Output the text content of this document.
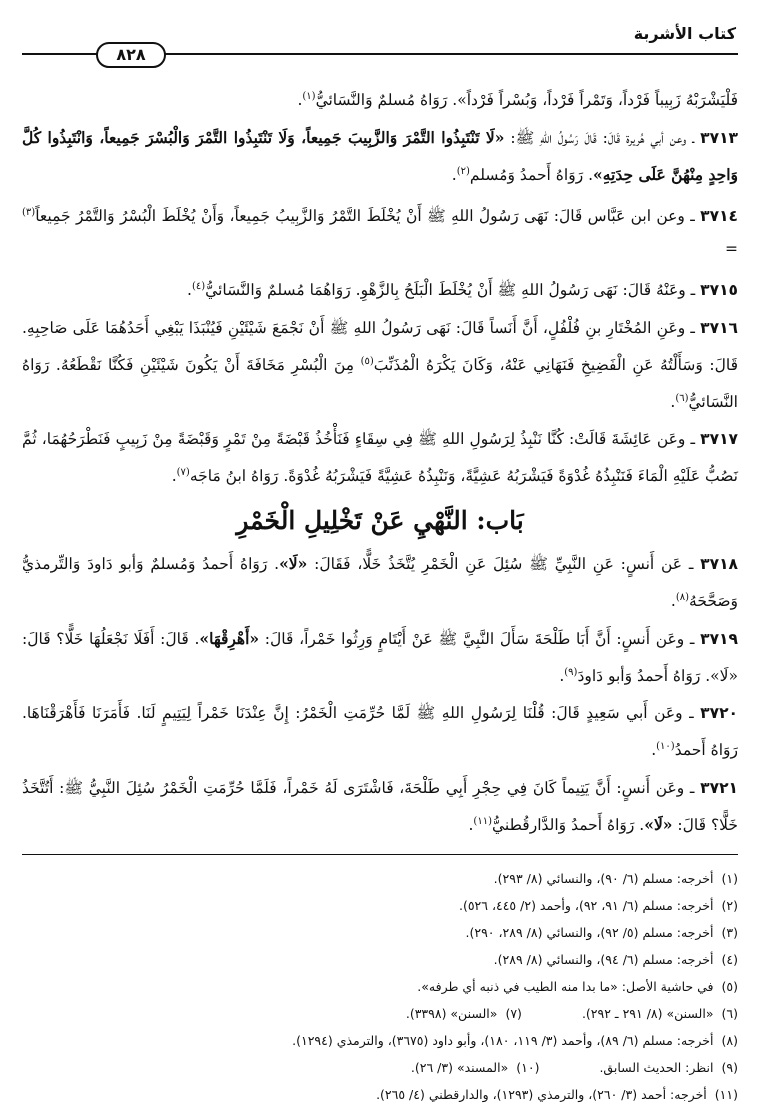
كتاب الأشربة
٨٢٨

فَلْيَشْرَبْهُ زَبِيباً فَرْداً، وَتَمْراً فَرْداً، وَبُسْراً فَرْداً». رَوَاهُ مُسلمٌ وَالنَّسَائيُّ$^{(١)}$.

٣٧١٣ ـ وعن أبي هُريرة قَالَ: قَالَ رَسُولُ اللهِ ﷺ: «لَا تَنْتَبِذُوا التَّمْرَ وَالزَّبِيبَ جَمِيعاً، وَلَا تَنْتَبِذُوا التَّمْرَ وَالْبُسْرَ جَمِيعاً، وَانْتَبِذُوا كُلَّ وَاحِدٍ مِنْهُنَّ عَلَى حِدَتِهِ». رَوَاهُ أَحمدُ وَمُسلم$^{(٢)}$.

٣٧١٤ ـ وعن ابن عَبَّاس قَالَ: نَهَى رَسُولُ اللهِ ﷺ أَنْ يُخْلَطَ التَّمْرُ وَالزَّبِيبُ جَمِيعاً، وَأَنْ يُخْلَطَ الْبُسْرُ وَالتَّمْرُ جَمِيعاً$^{(٣)}$ =

٣٧١٥ ـ وعَنْهُ قَالَ: نَهَى رَسُولُ اللهِ ﷺ أَنْ يُخْلَطَ الْبَلَحُ بِالزَّهْوِ. رَوَاهُمَا مُسلمٌ وَالنَّسَائيُّ$^{(٤)}$.

٣٧١٦ ـ وعَنِ المُخْتَارِ بنِ فُلْفُلٍ، أَنَّ أَنَساً قَالَ: نَهَى رَسُولُ اللهِ ﷺ أَنْ نَجْمَعَ شَيْئَيْنِ فَيُنْبَذَا يَبْغِي أَحَدُهُمَا عَلَى صَاحِبِهِ. قَالَ: وَسَأَلْتُهُ عَنِ الْفَضِيخِ فَنَهَانِي عَنْهُ، وَكَانَ يَكْرَهُ الْمُذَنِّبَ$^{(٥)}$ مِنَ الْبُسْرِ مَخَافَةَ أَنْ يَكُونَ شَيْئَيْنِ فَكُنَّا نَقْطَعُهُ. رَوَاهُ النَّسَائيُّ$^{(٦)}$.

٣٧١٧ ـ وعَن عَائِشَةَ قَالَتْ: كُنَّا نَنْبِذُ لِرَسُولِ اللهِ ﷺ فِي سِقَاءٍ فَنَأْخُذُ قَبْضَةً مِنْ تَمْرٍ وَقَبْضَةً مِنْ زَبِيبٍ فَنَطْرَحُهُمَا، ثُمَّ نَصُبُّ عَلَيْهِ الْمَاءَ فَنَنْبِذُهُ غُدْوَةً فَيَشْرَبُهُ عَشِيَّةً، وَنَنْبِذُهُ عَشِيَّةً فَيَشْرَبُهُ غُدْوَةً. رَوَاهُ ابنُ مَاجَه$^{(٧)}$.

بَاب: النَّهْيِ عَنْ تَخْلِيلِ الْخَمْرِ

٣٧١٨ ـ عَن أَنسٍ: عَنِ النَّبِيِّ ﷺ سُئِلَ عَنِ الْخَمْرِ يُتَّخَذُ خَلًّا، فَقَالَ: «لَا». رَوَاهُ أَحمدُ وَمُسلمٌ وَأبو دَاودَ وَالتِّرمذيُّ وَصَحَّحَهُ$^{(٨)}$.

٣٧١٩ ـ وعَن أَنسٍ: أَنَّ أَبَا طَلْحَةَ سَأَلَ النَّبِيَّ ﷺ عَنْ أَيْتَامٍ وَرِثُوا خَمْراً، قَالَ: «أَهْرِقْهَا». قَالَ: أَفَلَا نَجْعَلُهَا خَلًّا؟ قَالَ: «لَا». رَوَاهُ أَحمدُ وَأبو دَاودَ$^{(٩)}$.

٣٧٢٠ ـ وعَن أَبي سَعِيدٍ قَالَ: قُلْنَا لِرَسُولِ اللهِ ﷺ لَمَّا حُرِّمَتِ الْخَمْرُ: إِنَّ عِنْدَنَا خَمْراً لِيَتِيمٍ لَنَا. فَأَمَرَنَا فَأَهْرَقْنَاهَا. رَوَاهُ أَحمدُ$^{(١٠)}$.

٣٧٢١ ـ وعَن أَنسٍ: أَنَّ يَتِيماً كَانَ فِي حِجْرِ أَبِي طَلْحَةَ، فَاشْتَرَى لَهُ خَمْراً، فَلَمَّا حُرِّمَتِ الْخَمْرُ سُئِلَ النَّبِيُّ ﷺ: أَتُتَّخَذُ خَلًّا؟ قَالَ: «لَا». رَوَاهُ أَحمدُ وَالدَّارقُطنيُّ$^{(١١)}$.

(١)
أخرجه: مسلم (٦/ ٩٠)، والنسائي (٨/ ٢٩٣).
(٢)
أخرجه: مسلم (٦/ ٩١، ٩٢)، وأحمد (٢/ ٤٤٥، ٥٢٦).
(٣)
أخرجه: مسلم (٥/ ٩٢)، والنسائي (٨/ ٢٨٩، ٢٩٠).
(٤)
أخرجه: مسلم (٦/ ٩٤)، والنسائي (٨/ ٢٨٩).
(٥)
في حاشية الأصل: «ما بدا منه الطيب في ذنبه أي طرفه».
(٦)
«السنن» (٨/ ٢٩١ ـ ٢٩٢).
(٧)
«السنن» (٣٣٩٨).
(٨)
أخرجه: مسلم (٦/ ٨٩)، وأحمد (٣/ ١١٩، ١٨٠)، وأبو داود (٣٦٧٥)، والترمذي (١٢٩٤).
(٩)
انظر: الحديث السابق.
(١٠)
«المسند» (٣/ ٢٦).
(١١)
أخرجه: أحمد (٣/ ٢٦٠)، والترمذي (١٢٩٣)، والدارقطني (٤/ ٢٦٥).
